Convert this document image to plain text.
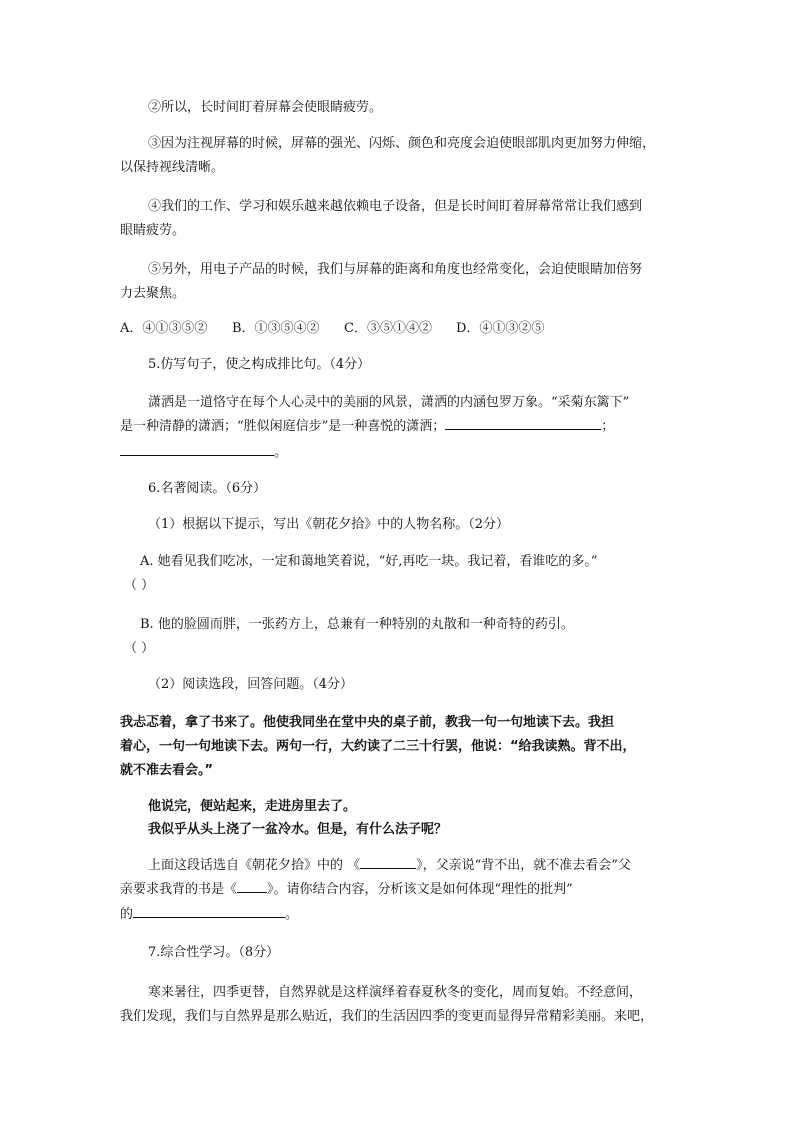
②所以，长时间盯着屏幕会使眼睛疲劳。
③因为注视屏幕的时候，屏幕的强光、闪烁、颜色和亮度会迫使眼部肌肉更加努力伸缩，
以保持视线清晰。
④我们的工作、学习和娱乐越来越依赖电子设备，但是长时间盯着屏幕常常让我们感到
眼睛疲劳。
⑤另外，用电子产品的时候，我们与屏幕的距离和角度也经常变化，会迫使眼睛加倍努
力去聚焦。
A．④①③⑤② B．①③⑤④② C．③⑤①④② D．④①③②⑤
5.仿写句子，使之构成排比句。（4分）
潇洒是一道恪守在每个人心灵中的美丽的风景，潇洒的内涵包罗万象。“采菊东篱下”
是一种清静的潇洒；“胜似闲庭信步”是一种喜悦的潇洒；	；
。
6.名著阅读。（6分）
（1）根据以下提示，写出《朝花夕拾》中的人物名称。（2分）
A. 她看见我们吃冰，一定和蔼地笑着说，“好,再吃一块。我记着，看谁吃的多。”
（ ）
B. 他的脸圆而胖，一张药方上，总兼有一种特别的丸散和一种奇特的药引。
（ ）
（2）阅读选段，回答问题。（4分）
我忐忑着，拿了书来了。他使我同坐在堂中央的桌子前，教我一句一句地读下去。我担
着心，一句一句地读下去。两句一行，大约读了二三十行罢，他说：“给我读熟。背不出，
就不准去看会。”
他说完，便站起来，走进房里去了。
我似乎从头上浇了一盆冷水。但是，有什么法子呢？
上面这段话选自《朝花夕拾》中的 《	》，父亲说“背不出，就不准去看会”父
亲要求我背的书是《 》。请你结合内容，分析该文是如何体现“理性的批判”
的	。
7.综合性学习。（8分）
寒来暑往，四季更替，自然界就是这样演绎着春夏秋冬的变化，周而复始。不经意间，
我们发现，我们与自然界是那么贴近，我们的生活因四季的变更而显得异常精彩美丽。来吧，
